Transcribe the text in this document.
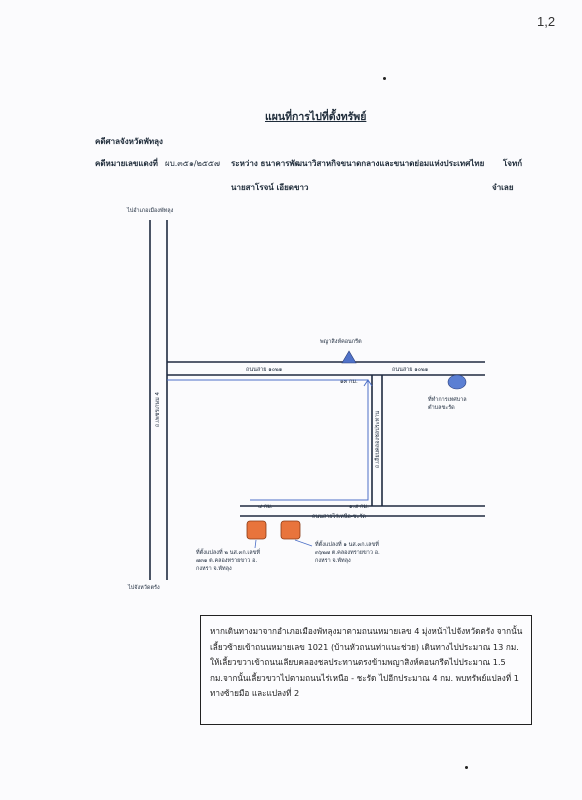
1,2
แผนที่การไปที่ตั้งทรัพย์
คดีศาลจังหวัดพัทลุง
คดีหมายเลขแดงที่ ผบ.๓๕๑/๒๕๕๗ ระหว่าง ธนาคารพัฒนาวิสาหกิจขนาดกลางและขนาดย่อมแห่งประเทศไทย โจทก์
นายสาโรจน์ เอียดขาว	จำเลย
ไปอำเภอเมืองพัทลุง
ไปจังหวัดตรัง
ถ.เพชรเกษม 4
ถนนสาย ๑๐๒๑	ถนนสาย ๑๐๒๑
พญาสิงห์คอนกรีต
๑๓ กม.
ที่ทำการเทศบาล
ตำบลชะรัด
ถ.เลียบคลองชลประทาน
๔ กม.	๑.๕ กม.
ถนนสายไร่เหนือ-ชะรัด
ที่ตั้งแปลงที่ ๒ นส.๓ก.เลขที่
๗๓๑ ต.คลองทรายขาว อ.
กงหรา จ.พัทลุง
ที่ตั้งแปลงที่ ๑ นส.๓ก.เลขที่
๓๖๒๗ ต.คลองทรายขาว อ.
กงหรา จ.พัทลุง
หากเดินทางมาจากอำเภอเมืองพัทลุงมาตามถนนหมายเลข 4 มุ่งหน้าไปจังหวัดตรัง จากนั้นเลี้ยวซ้ายเข้าถนนหมายเลข 1021 (บ้านหัวถนนท่าแนะช่วย) เดินทางไปประมาณ 13 กม. ให้เลี้ยวขวาเข้าถนนเลียบคลองชลประทานตรงข้ามพญาสิงห์คอนกรีตไปประมาณ 1.5 กม.จากนั้นเลี้ยวขวาไปตามถนนไร่เหนือ - ชะรัด ไปอีกประมาณ 4 กม. พบทรัพย์แปลงที่ 1 ทางซ้ายมือ และแปลงที่ 2
